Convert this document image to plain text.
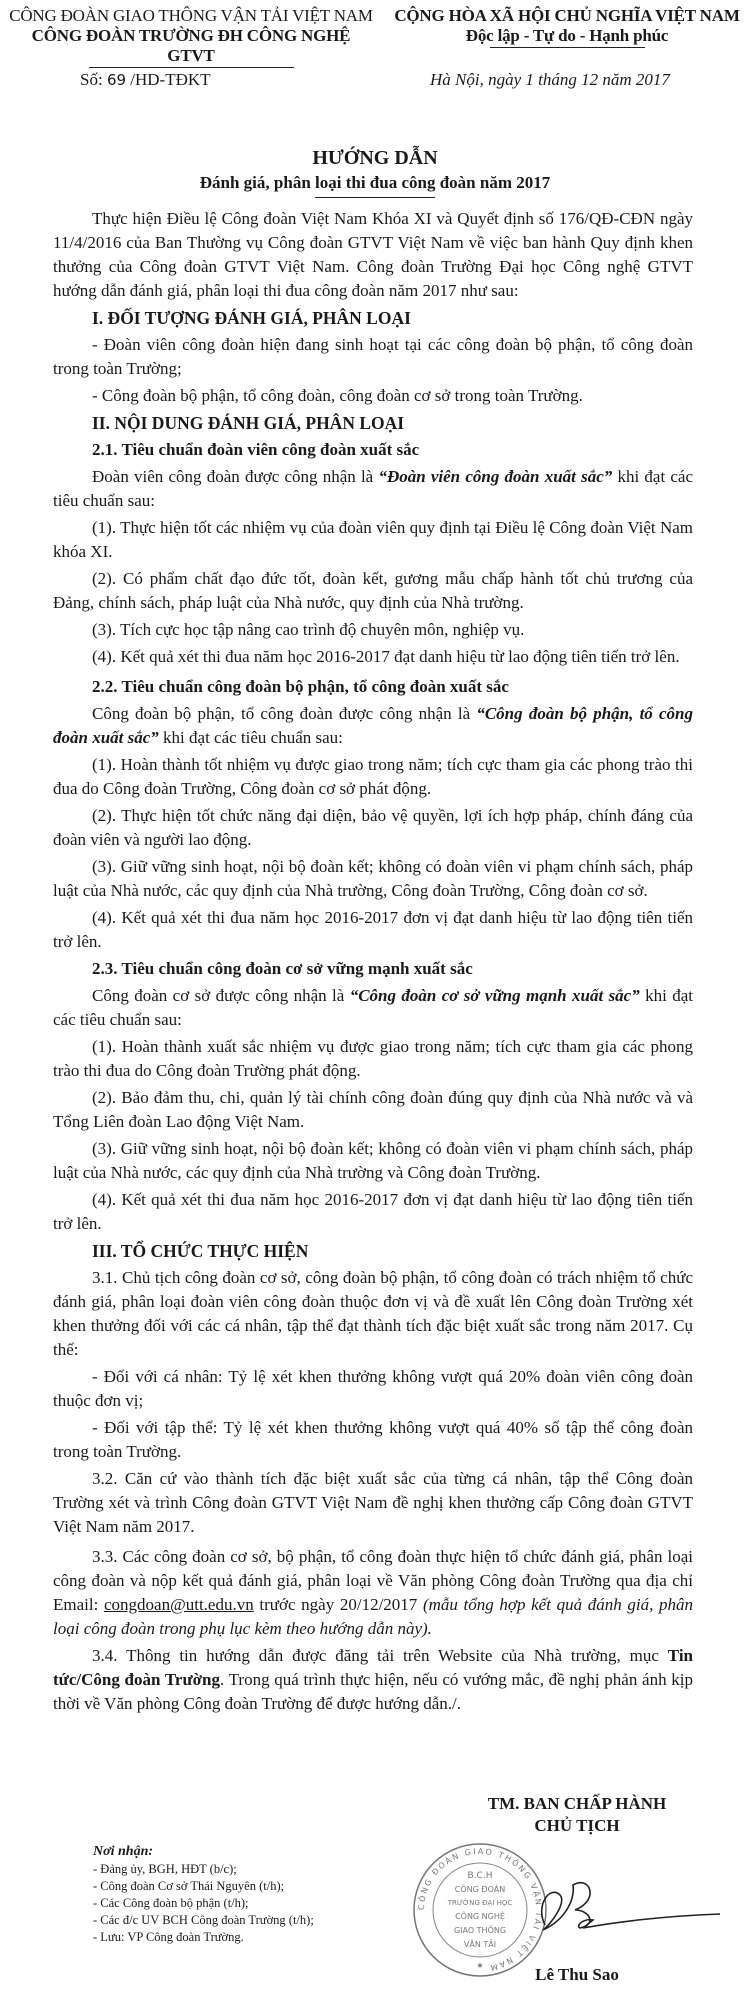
CÔNG ĐOÀN GIAO THÔNG VẬN TẢI VIỆT NAM
CÔNG ĐOÀN TRƯỜNG ĐH CÔNG NGHỆ GTVT
CỘNG HÒA XÃ HỘI CHỦ NGHĨA VIỆT NAM
Độc lập - Tự do - Hạnh phúc
Số: 69 /HD-TĐKT	Hà Nội, ngày 1 tháng 12 năm 2017
HƯỚNG DẪN
Đánh giá, phân loại thi đua công đoàn năm 2017

Thực hiện Điều lệ Công đoàn Việt Nam Khóa XI và Quyết định số 176/QĐ-CĐN ngày 11/4/2016 của Ban Thường vụ Công đoàn GTVT Việt Nam về việc ban hành Quy định khen thưởng của Công đoàn GTVT Việt Nam. Công đoàn Trường Đại học Công nghệ GTVT hướng dẫn đánh giá, phân loại thi đua công đoàn năm 2017 như sau:

I. ĐỐI TƯỢNG ĐÁNH GIÁ, PHÂN LOẠI

- Đoàn viên công đoàn hiện đang sinh hoạt tại các công đoàn bộ phận, tổ công đoàn trong toàn Trường;

- Công đoàn bộ phận, tổ công đoàn, công đoàn cơ sở trong toàn Trường.

II. NỘI DUNG ĐÁNH GIÁ, PHÂN LOẠI

2.1. Tiêu chuẩn đoàn viên công đoàn xuất sắc

Đoàn viên công đoàn được công nhận là “Đoàn viên công đoàn xuất sắc” khi đạt các tiêu chuẩn sau:

(1). Thực hiện tốt các nhiệm vụ của đoàn viên quy định tại Điều lệ Công đoàn Việt Nam khóa XI.

(2). Có phẩm chất đạo đức tốt, đoàn kết, gương mẫu chấp hành tốt chủ trương của Đảng, chính sách, pháp luật của Nhà nước, quy định của Nhà trường.

(3). Tích cực học tập nâng cao trình độ chuyên môn, nghiệp vụ.

(4). Kết quả xét thi đua năm học 2016-2017 đạt danh hiệu từ lao động tiên tiến trở lên.

2.2. Tiêu chuẩn công đoàn bộ phận, tổ công đoàn xuất sắc

Công đoàn bộ phận, tổ công đoàn được công nhận là “Công đoàn bộ phận, tổ công đoàn xuất sắc” khi đạt các tiêu chuẩn sau:

(1). Hoàn thành tốt nhiệm vụ được giao trong năm; tích cực tham gia các phong trào thi đua do Công đoàn Trường, Công đoàn cơ sở phát động.

(2). Thực hiện tốt chức năng đại diện, bảo vệ quyền, lợi ích hợp pháp, chính đáng của đoàn viên và người lao động.

(3). Giữ vững sinh hoạt, nội bộ đoàn kết; không có đoàn viên vi phạm chính sách, pháp luật của Nhà nước, các quy định của Nhà trường, Công đoàn Trường, Công đoàn cơ sở.

(4). Kết quả xét thi đua năm học 2016-2017 đơn vị đạt danh hiệu từ lao động tiên tiến trở lên.

2.3. Tiêu chuẩn công đoàn cơ sở vững mạnh xuất sắc

Công đoàn cơ sở được công nhận là “Công đoàn cơ sở vững mạnh xuất sắc” khi đạt các tiêu chuẩn sau:

(1). Hoàn thành xuất sắc nhiệm vụ được giao trong năm; tích cực tham gia các phong trào thi đua do Công đoàn Trường phát động.

(2). Bảo đảm thu, chi, quản lý tài chính công đoàn đúng quy định của Nhà nước và và Tổng Liên đoàn Lao động Việt Nam.

(3). Giữ vững sinh hoạt, nội bộ đoàn kết; không có đoàn viên vi phạm chính sách, pháp luật của Nhà nước, các quy định của Nhà trường và Công đoàn Trường.

(4). Kết quả xét thi đua năm học 2016-2017 đơn vị đạt danh hiệu từ lao động tiên tiến trở lên.

III. TỔ CHỨC THỰC HIỆN

3.1. Chủ tịch công đoàn cơ sở, công đoàn bộ phận, tổ công đoàn có trách nhiệm tổ chức đánh giá, phân loại đoàn viên công đoàn thuộc đơn vị và đề xuất lên Công đoàn Trường xét khen thưởng đối với các cá nhân, tập thể đạt thành tích đặc biệt xuất sắc trong năm 2017. Cụ thể:

- Đối với cá nhân: Tỷ lệ xét khen thưởng không vượt quá 20% đoàn viên công đoàn thuộc đơn vị;

- Đối với tập thể: Tỷ lệ xét khen thưởng không vượt quá 40% số tập thể công đoàn trong toàn Trường.

3.2. Căn cứ vào thành tích đặc biệt xuất sắc của từng cá nhân, tập thể Công đoàn Trường xét và trình Công đoàn GTVT Việt Nam đề nghị khen thưởng cấp Công đoàn GTVT Việt Nam năm 2017.

3.3. Các công đoàn cơ sở, bộ phận, tổ công đoàn thực hiện tổ chức đánh giá, phân loại công đoàn và nộp kết quả đánh giá, phân loại về Văn phòng Công đoàn Trường qua địa chỉ Email: congdoan@utt.edu.vn trước ngày 20/12/2017 (mẫu tổng hợp kết quả đánh giá, phân loại công đoàn trong phụ lục kèm theo hướng dẫn này).

3.4. Thông tin hướng dẫn được đăng tải trên Website của Nhà trường, mục Tin tức/Công đoàn Trường. Trong quá trình thực hiện, nếu có vướng mắc, đề nghị phản ánh kịp thời về Văn phòng Công đoàn Trường để được hướng dẫn./.

Nơi nhận:
- Đảng ủy, BGH, HĐT (b/c);
- Công đoàn Cơ sở Thái Nguyên (t/h);
- Các Công đoàn bộ phận (t/h);
- Các đ/c UV BCH Công đoàn Trường (t/h);
- Lưu: VP Công đoàn Trường.
CÔNG ĐOÀN GIAO THÔNG VẬN TẢI VIỆT NAM
B.C.H
CÔNG ĐOÀN
TRƯỜNG ĐẠI HỌC
CÔNG NGHỆ
GIAO THÔNG
VẬN TẢI
★
TM. BAN CHẤP HÀNH
CHỦ TỊCH
Lê Thu Sao
